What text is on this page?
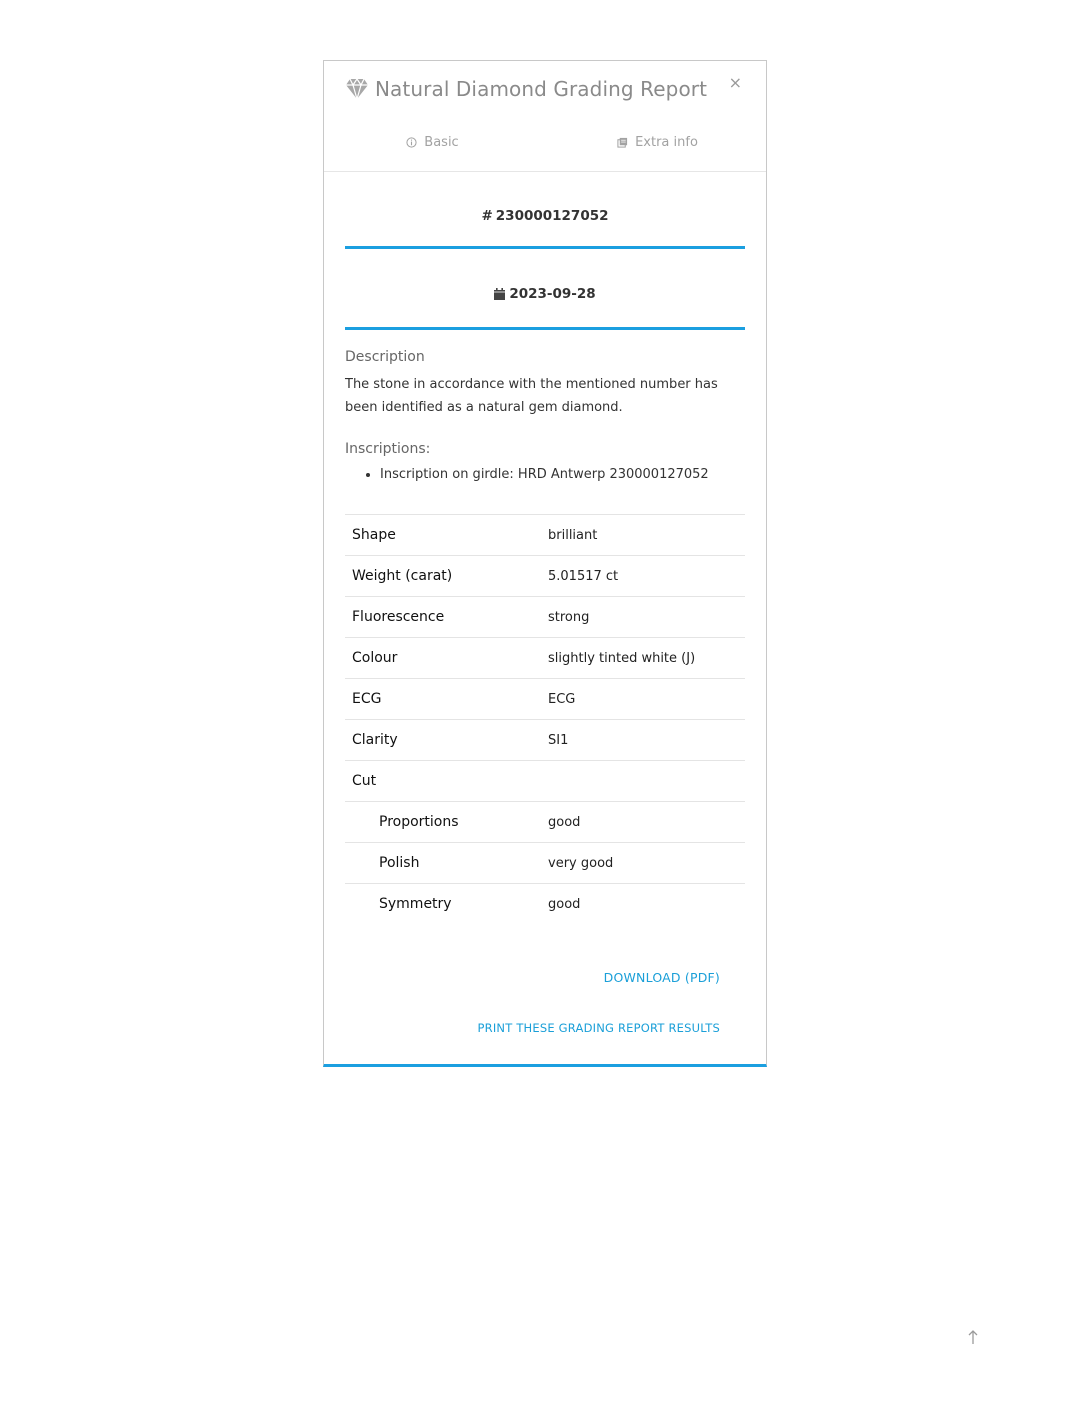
Natural Diamond Grading Report ×
Basic	Extra info
# 230000127052
2023-09-28
Description
The stone in accordance with the mentioned number has been identified as a natural gem diamond.
Inscriptions:
• Inscription on girdle: HRD Antwerp 230000127052
Shape	brilliant
Weight (carat)	5.01517 ct
Fluorescence	strong
Colour	slightly tinted white (J)
ECG	ECG
Clarity	SI1
Cut	
Proportions	good
Polish	very good
Symmetry	good
DOWNLOAD (PDF)
PRINT THESE GRADING REPORT RESULTS
